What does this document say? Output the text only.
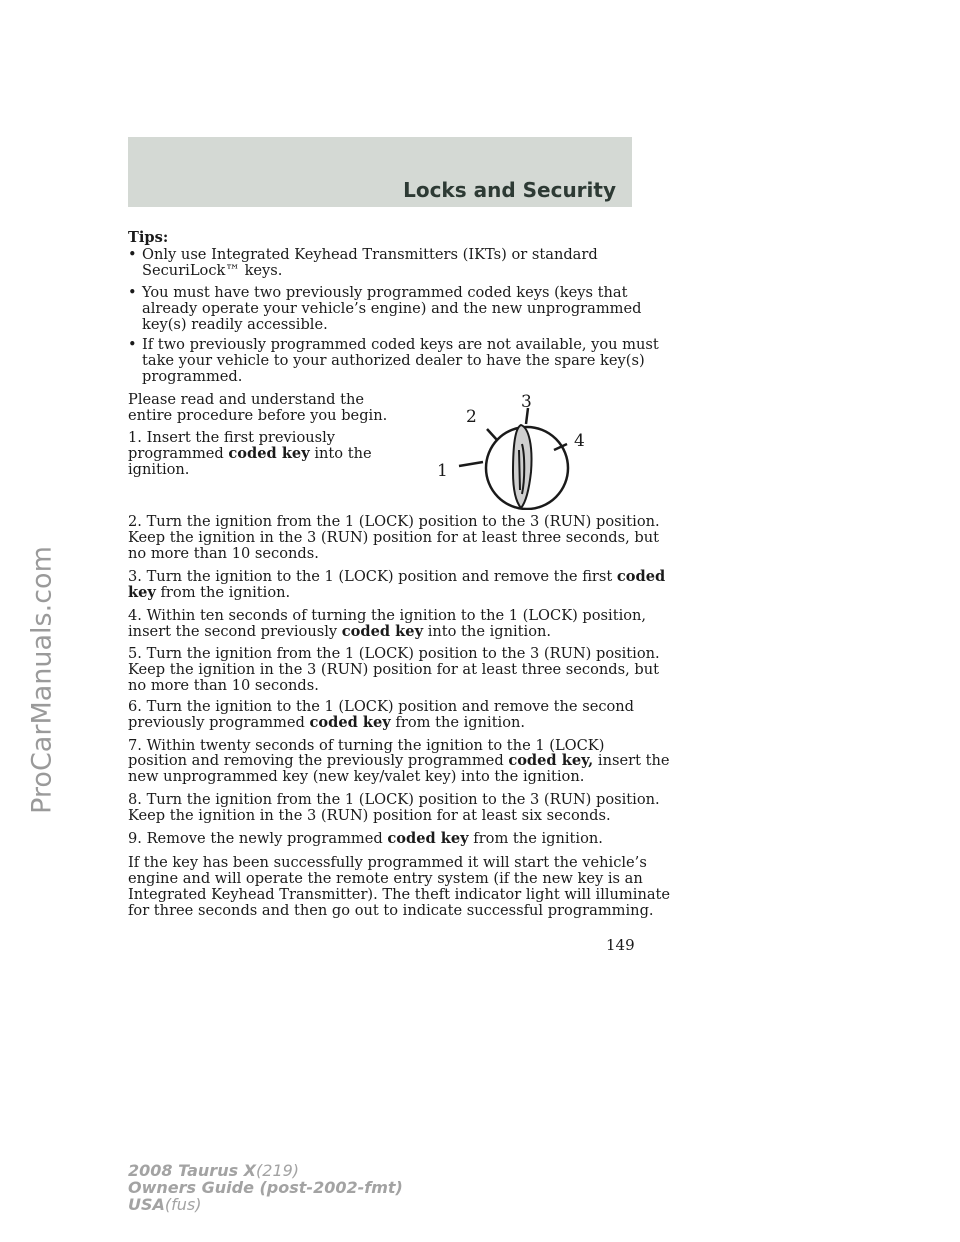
Locks and Security
ProCarManuals.com

Tips:

• Only use Integrated Keyhead Transmitters (IKTs) or standard

SecuriLock™ keys.

• You must have two previously programmed coded keys (keys that

already operate your vehicle’s engine) and the new unprogrammed

key(s) readily accessible.

• If two previously programmed coded keys are not available, you must

take your vehicle to your authorized dealer to have the spare key(s)

programmed.

Please read and understand the

entire procedure before you begin.

1. Insert the first previously

programmed coded key into the

ignition.

2. Turn the ignition from the 1 (LOCK) position to the 3 (RUN) position.

Keep the ignition in the 3 (RUN) position for at least three seconds, but

no more than 10 seconds.

3. Turn the ignition to the 1 (LOCK) position and remove the first coded

key from the ignition.

4. Within ten seconds of turning the ignition to the 1 (LOCK) position,

insert the second previously coded key into the ignition.

5. Turn the ignition from the 1 (LOCK) position to the 3 (RUN) position.

Keep the ignition in the 3 (RUN) position for at least three seconds, but

no more than 10 seconds.

6. Turn the ignition to the 1 (LOCK) position and remove the second

previously programmed coded key from the ignition.

7. Within twenty seconds of turning the ignition to the 1 (LOCK)

position and removing the previously programmed coded key, insert the

new unprogrammed key (new key/valet key) into the ignition.

8. Turn the ignition from the 1 (LOCK) position to the 3 (RUN) position.

Keep the ignition in the 3 (RUN) position for at least six seconds.

9. Remove the newly programmed coded key from the ignition.

If the key has been successfully programmed it will start the vehicle’s

engine and will operate the remote entry system (if the new key is an

Integrated Keyhead Transmitter). The theft indicator light will illuminate

for three seconds and then go out to indicate successful programming.

1
2
3
4
149
2008 Taurus X(219)
Owners Guide (post-2002-fmt)
USA(fus)
